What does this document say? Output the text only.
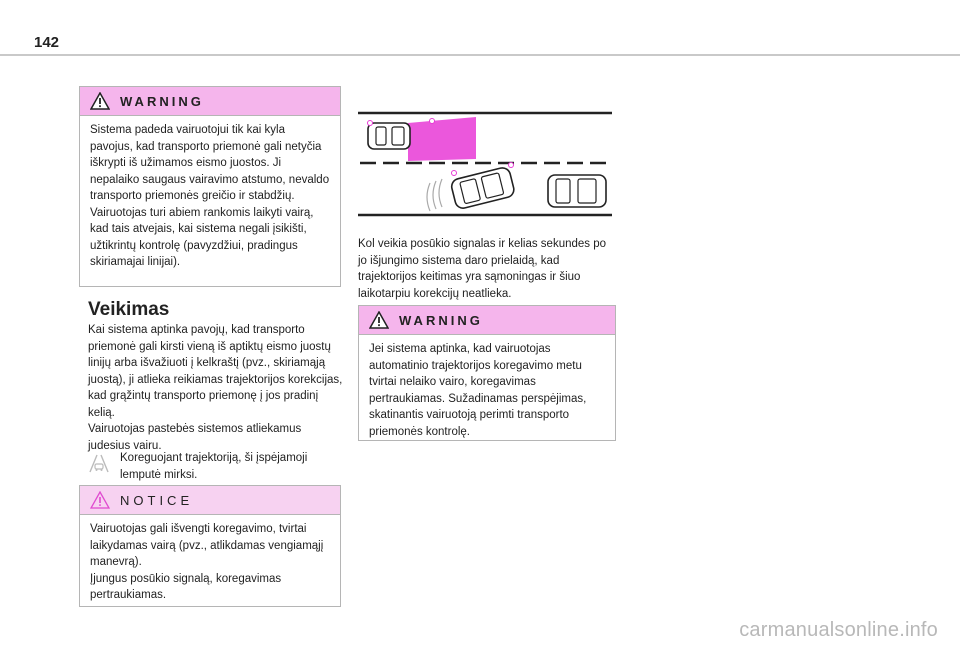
142
WARNING
Sistema padeda vairuotojui tik kai kyla pavojus, kad transporto priemonė gali netyčia iškrypti iš užimamos eismo juostos. Ji nepalaiko saugaus vairavimo atstumo, nevaldo transporto priemonės greičio ir stabdžių.
Vairuotojas turi abiem rankomis laikyti vairą, kad tais atvejais, kai sistema negali įsikišti, užtikrintų kontrolę (pavyzdžiui, pradingus skiriamajai linijai).
Veikimas
Kai sistema aptinka pavojų, kad transporto priemonė gali kirsti vieną iš aptiktų eismo juostų linijų arba išvažiuoti į kelkraštį (pvz., skiriamąją juostą), ji atlieka reikiamas trajektorijos korekcijas, kad grąžintų transporto priemonę į jos pradinį kelią.
Vairuotojas pastebės sistemos atliekamus judesius vairu.
Koreguojant trajektoriją, ši įspėjamoji lemputė mirksi.
NOTICE
Vairuotojas gali išvengti koregavimo, tvirtai laikydamas vairą (pvz., atlikdamas vengiamąjį manevrą).
Įjungus posūkio signalą, koregavimas pertraukiamas.
Kol veikia posūkio signalas ir kelias sekundes po jo išjungimo sistema daro prielaidą, kad trajektorijos keitimas yra sąmoningas ir šiuo laikotarpiu korekcijų neatlieka.
WARNING
Jei sistema aptinka, kad vairuotojas automatinio trajektorijos koregavimo metu tvirtai nelaiko vairo, koregavimas pertraukiamas. Sužadinamas perspėjimas, skatinantis vairuotoją perimti transporto priemonės kontrolę.
carmanualsonline.info
